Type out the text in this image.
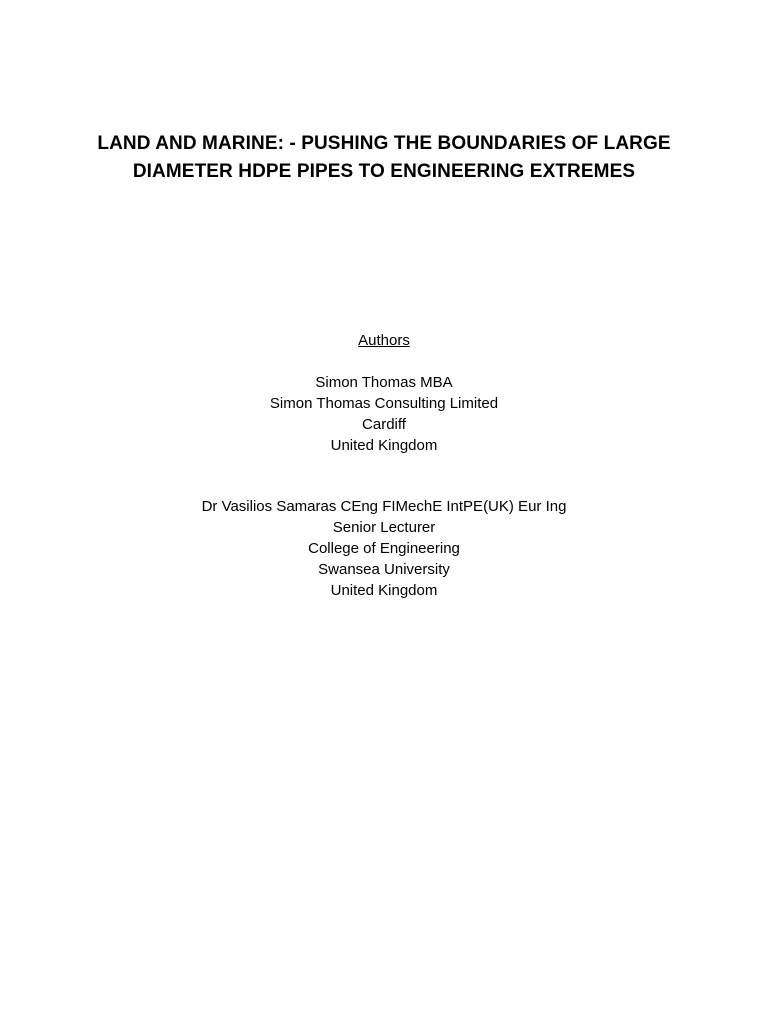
LAND AND MARINE: - PUSHING THE BOUNDARIES OF LARGE
DIAMETER HDPE PIPES TO ENGINEERING EXTREMES
Authors
Simon Thomas MBA
Simon Thomas Consulting Limited
Cardiff
United Kingdom
Dr Vasilios Samaras CEng FIMechE IntPE(UK) Eur Ing
Senior Lecturer
College of Engineering
Swansea University
United Kingdom
